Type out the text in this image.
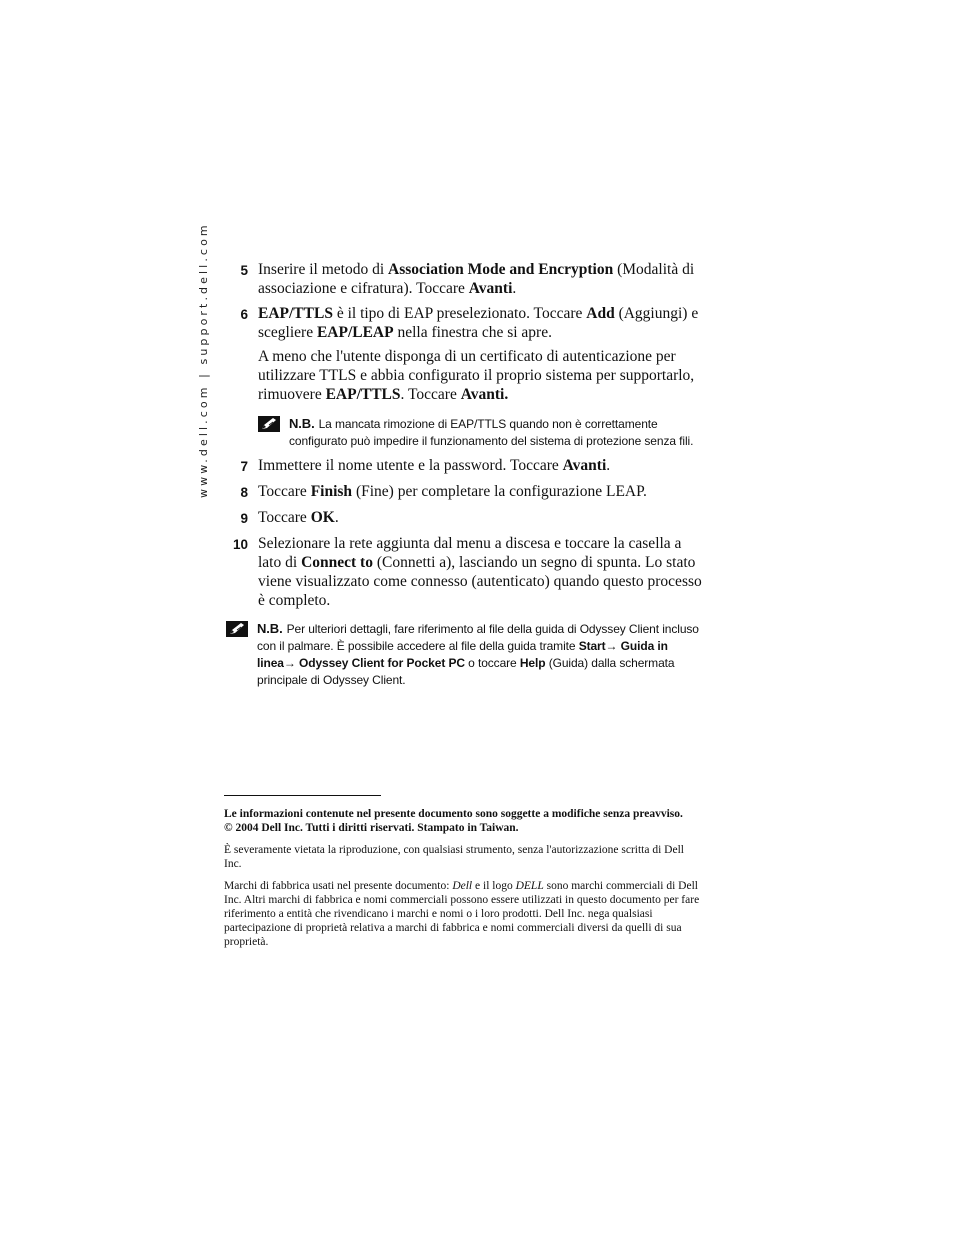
www.dell.com | support.dell.com	5 Inserire il metodo di Association Mode and Encryption (Modalità di associazione e cifratura). Toccare Avanti.
6 EAP/TTLS è il tipo di EAP preselezionato. Toccare Add (Aggiungi) e scegliere EAP/LEAP nella finestra che si apre.

A meno che l'utente disponga di un certificato di autenticazione per utilizzare TTLS e abbia configurato il proprio sistema per supportarlo, rimuovere EAP/TTLS. Toccare Avanti.

N.B. La mancata rimozione di EAP/TTLS quando non è correttamente configurato può impedire il funzionamento del sistema di protezione senza fili.
7 Immettere il nome utente e la password. Toccare Avanti.
8 Toccare Finish (Fine) per completare la configurazione LEAP.
9 Toccare OK.
10 Selezionare la rete aggiunta dal menu a discesa e toccare la casella a lato di Connect to (Connetti a), lasciando un segno di spunta. Lo stato viene visualizzato come connesso (autenticato) quando questo processo è completo.
N.B. Per ulteriori dettagli, fare riferimento al file della guida di Odyssey Client incluso con il palmare. È possibile accedere al file della guida tramite Start→ Guida in linea→ Odyssey Client for Pocket PC o toccare Help (Guida) dalla schermata principale di Odyssey Client.

Le informazioni contenute nel presente documento sono soggette a modifiche senza preavviso.
© 2004 Dell Inc. Tutti i diritti riservati. Stampato in Taiwan.

È severamente vietata la riproduzione, con qualsiasi strumento, senza l'autorizzazione scritta di Dell Inc.

Marchi di fabbrica usati nel presente documento: Dell e il logo DELL sono marchi commerciali di Dell Inc. Altri marchi di fabbrica e nomi commerciali possono essere utilizzati in questo documento per fare riferimento a entità che rivendicano i marchi e nomi o i loro prodotti. Dell Inc. nega qualsiasi partecipazione di proprietà relativa a marchi di fabbrica e nomi commerciali diversi da quelli di sua proprietà.
